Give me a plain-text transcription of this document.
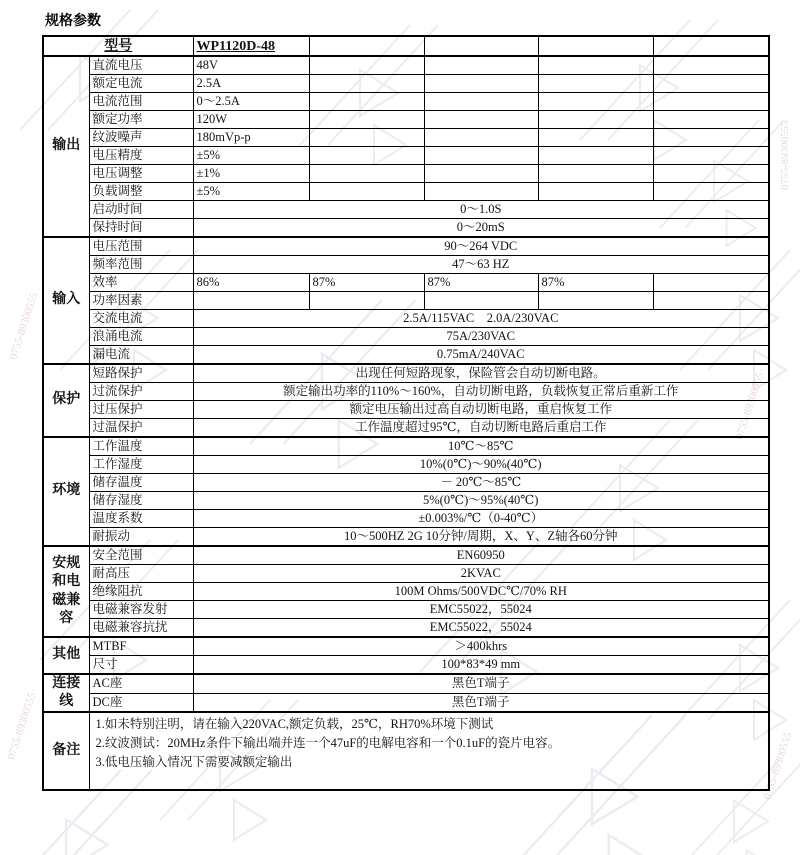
0755-89300555
0755-89300555
0755-89300555
0755-89300555
0755-89300555
规格参数
型号		WP1120D-48				
输出	直流电压	48V				
	额定电流	2.5A				
	电流范围	0～2.5A				
	额定功率	120W				
	纹波噪声	180mVp-p				
	电压精度	±5%				
	电压调整	±1%				
	负载调整	±5%				
	启动时间	0～1.0S				
	保持时间	0～20mS				
输入	电压范围	90～264 VDC				
	频率范围	47～63 HZ				
	效率	86%	87%	87%	87%	
	功率因素					
	交流电流	2.5A/115VAC　2.0A/230VAC				
	浪涌电流	75A/230VAC				
	漏电流	0.75mA/240VAC				
保护	短路保护	出现任何短路现象，保险管会自动切断电路。				
	过流保护	额定输出功率的110%～160%，自动切断电路，负载恢复正常后重新工作				
	过压保护	额定电压输出过高自动切断电路，重启恢复工作				
	过温保护	工作温度超过95℃，自动切断电路后重启工作				
环境	工作温度	10℃～85℃				
	工作湿度	10%(0℃)～90%(40℃)				
	储存温度	－ 20℃～85℃				
	储存湿度	5%(0℃)～95%(40℃)				
	温度系数	±0.003%/℃（0-40℃）				
	耐振动	10～500HZ 2G 10分钟/周期，X、Y、Z轴各60分钟				
安规和电磁兼容	安全范围	EN60950				
	耐高压	2KVAC				
	绝缘阻抗	100M Ohms/500VDC℃/70% RH				
	电磁兼容发射	EMC55022，55024				
	电磁兼容抗扰	EMC55022，55024				
其他	MTBF	＞400khrs				
	尺寸	100*83*49 mm				
连接线	AC座	黑色T端子				
	DC座	黑色T端子				
备注	1.如未特别注明，请在输入220VAC,额定负载，25℃，RH70%环境下测试
2.纹波测试：20MHz条件下输出端并连一个47uF的电解电容和一个0.1uF的瓷片电容。
3.低电压输入情况下需要减额定输出					
